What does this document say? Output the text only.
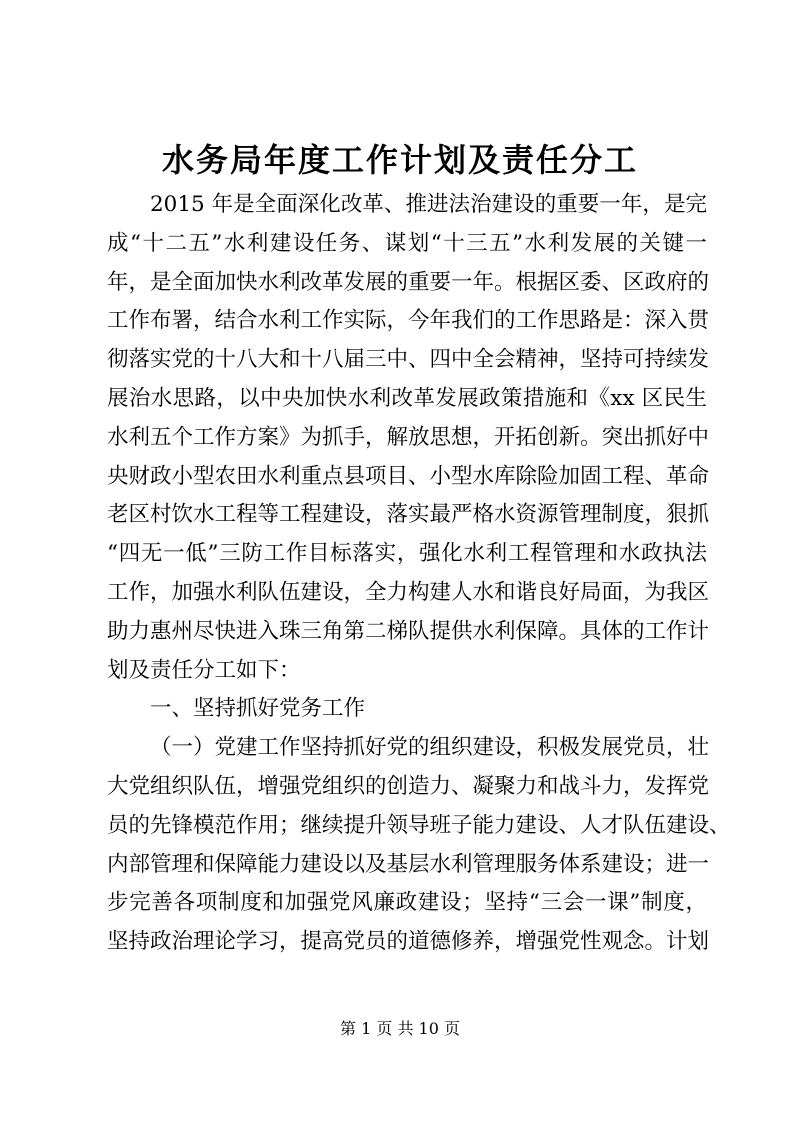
水务局年度工作计划及责任分工
2015 年是全面深化改革、推进法治建设的重要一年，是完
成“十二五”水利建设任务、谋划“十三五”水利发展的关键一
年，是全面加快水利改革发展的重要一年。根据区委、区政府的
工作布署，结合水利工作实际，今年我们的工作思路是：深入贯
彻落实党的十八大和十八届三中、四中全会精神，坚持可持续发
展治水思路，以中央加快水利改革发展政策措施和《xx 区民生
水利五个工作方案》为抓手，解放思想，开拓创新。突出抓好中
央财政小型农田水利重点县项目、小型水库除险加固工程、革命
老区村饮水工程等工程建设，落实最严格水资源管理制度，狠抓
“四无一低”三防工作目标落实，强化水利工程管理和水政执法
工作，加强水利队伍建设，全力构建人水和谐良好局面，为我区
助力惠州尽快进入珠三角第二梯队提供水利保障。具体的工作计
划及责任分工如下：
一、坚持抓好党务工作
（一）党建工作坚持抓好党的组织建设，积极发展党员，壮
大党组织队伍，增强党组织的创造力、凝聚力和战斗力，发挥党
员的先锋模范作用；继续提升领导班子能力建设、人才队伍建设、
内部管理和保障能力建设以及基层水利管理服务体系建设；进一
步完善各项制度和加强党风廉政建设；坚持“三会一课”制度，
坚持政治理论学习，提高党员的道德修养，增强党性观念。计划
第 1 页 共 10 页
